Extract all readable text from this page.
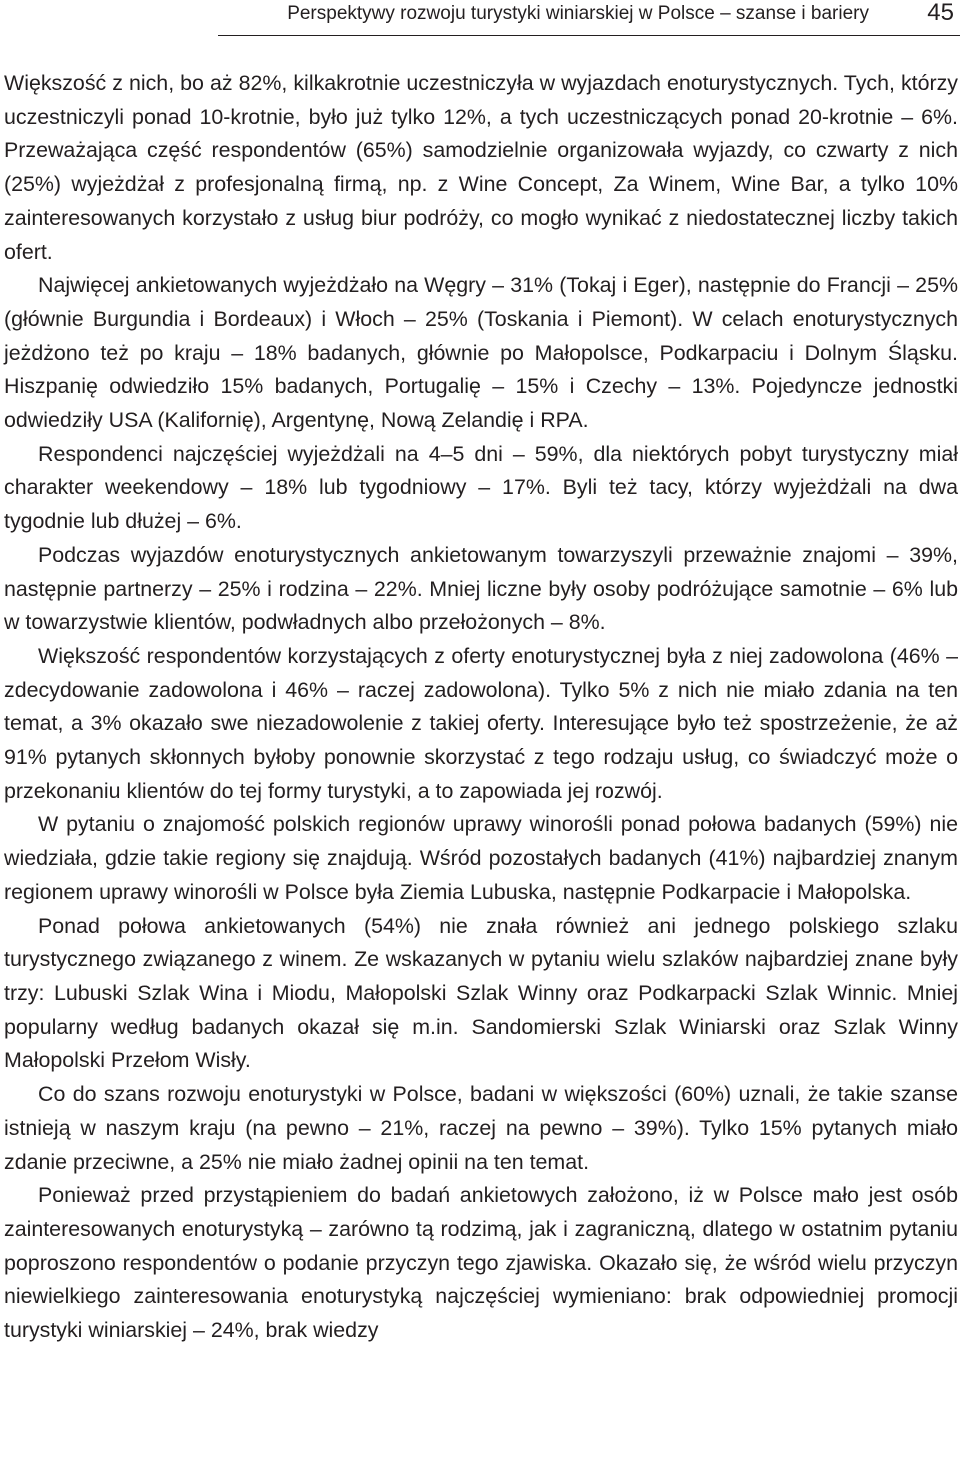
Perspektywy rozwoju turystyki winiarskiej w Polsce – szanse i bariery 45

Większość z nich, bo aż 82%, kilkakrotnie uczestniczyła w wyjazdach enoturystycznych. Tych, którzy uczestniczyli ponad 10-krotnie, było już tylko 12%, a tych uczestniczących ponad 20-krotnie – 6%. Przeważająca część respondentów (65%) samodzielnie organizowała wyjazdy, co czwarty z nich (25%) wyjeżdżał z profesjonalną firmą, np. z Wine Concept, Za Winem, Wine Bar, a tylko 10% zainteresowanych korzystało z usług biur podróży, co mogło wynikać z niedostatecznej liczby takich ofert.

Najwięcej ankietowanych wyjeżdżało na Węgry – 31% (Tokaj i Eger), następnie do Francji – 25% (głównie Burgundia i Bordeaux) i Włoch – 25% (Toskania i Piemont). W celach enoturystycznych jeżdżono też po kraju – 18% badanych, głównie po Małopolsce, Podkarpaciu i Dolnym Śląsku. Hiszpanię odwiedziło 15% badanych, Portugalię – 15% i Czechy – 13%. Pojedyncze jednostki odwiedziły USA (Kalifornię), Argentynę, Nową Zelandię i RPA.

Respondenci najczęściej wyjeżdżali na 4–5 dni – 59%, dla niektórych pobyt turystyczny miał charakter weekendowy – 18% lub tygodniowy – 17%. Byli też tacy, którzy wyjeżdżali na dwa tygodnie lub dłużej – 6%.

Podczas wyjazdów enoturystycznych ankietowanym towarzyszyli przeważnie znajomi – 39%, następnie partnerzy – 25% i rodzina – 22%. Mniej liczne były osoby podróżujące samotnie – 6% lub w towarzystwie klientów, podwładnych albo przełożonych – 8%.

Większość respondentów korzystających z oferty enoturystycznej była z niej zadowolona (46% – zdecydowanie zadowolona i 46% – raczej zadowolona). Tylko 5% z nich nie miało zdania na ten temat, a 3% okazało swe niezadowolenie z takiej oferty. Interesujące było też spostrzeżenie, że aż 91% pytanych skłonnych byłoby ponownie skorzystać z tego rodzaju usług, co świadczyć może o przekonaniu klientów do tej formy turystyki, a to zapowiada jej rozwój.

W pytaniu o znajomość polskich regionów uprawy winorośli ponad połowa badanych (59%) nie wiedziała, gdzie takie regiony się znajdują. Wśród pozostałych badanych (41%) najbardziej znanym regionem uprawy winorośli w Polsce była Ziemia Lubuska, następnie Podkarpacie i Małopolska.

Ponad połowa ankietowanych (54%) nie znała również ani jednego polskiego szlaku turystycznego związanego z winem. Ze wskazanych w pytaniu wielu szlaków najbardziej znane były trzy: Lubuski Szlak Wina i Miodu, Małopolski Szlak Winny oraz Podkarpacki Szlak Winnic. Mniej popularny według badanych okazał się m.in. Sandomierski Szlak Winiarski oraz Szlak Winny Małopolski Przełom Wisły.

Co do szans rozwoju enoturystyki w Polsce, badani w większości (60%) uznali, że takie szanse istnieją w naszym kraju (na pewno – 21%, raczej na pewno – 39%). Tylko 15% pytanych miało zdanie przeciwne, a 25% nie miało żadnej opinii na ten temat.

Ponieważ przed przystąpieniem do badań ankietowych założono, iż w Polsce mało jest osób zainteresowanych enoturystyką – zarówno tą rodzimą, jak i zagraniczną, dlatego w ostatnim pytaniu poproszono respondentów o podanie przyczyn tego zjawiska. Okazało się, że wśród wielu przyczyn niewielkiego zainteresowania enoturystyką najczęściej wymieniano: brak odpowiedniej promocji turystyki winiarskiej – 24%, brak wiedzy
